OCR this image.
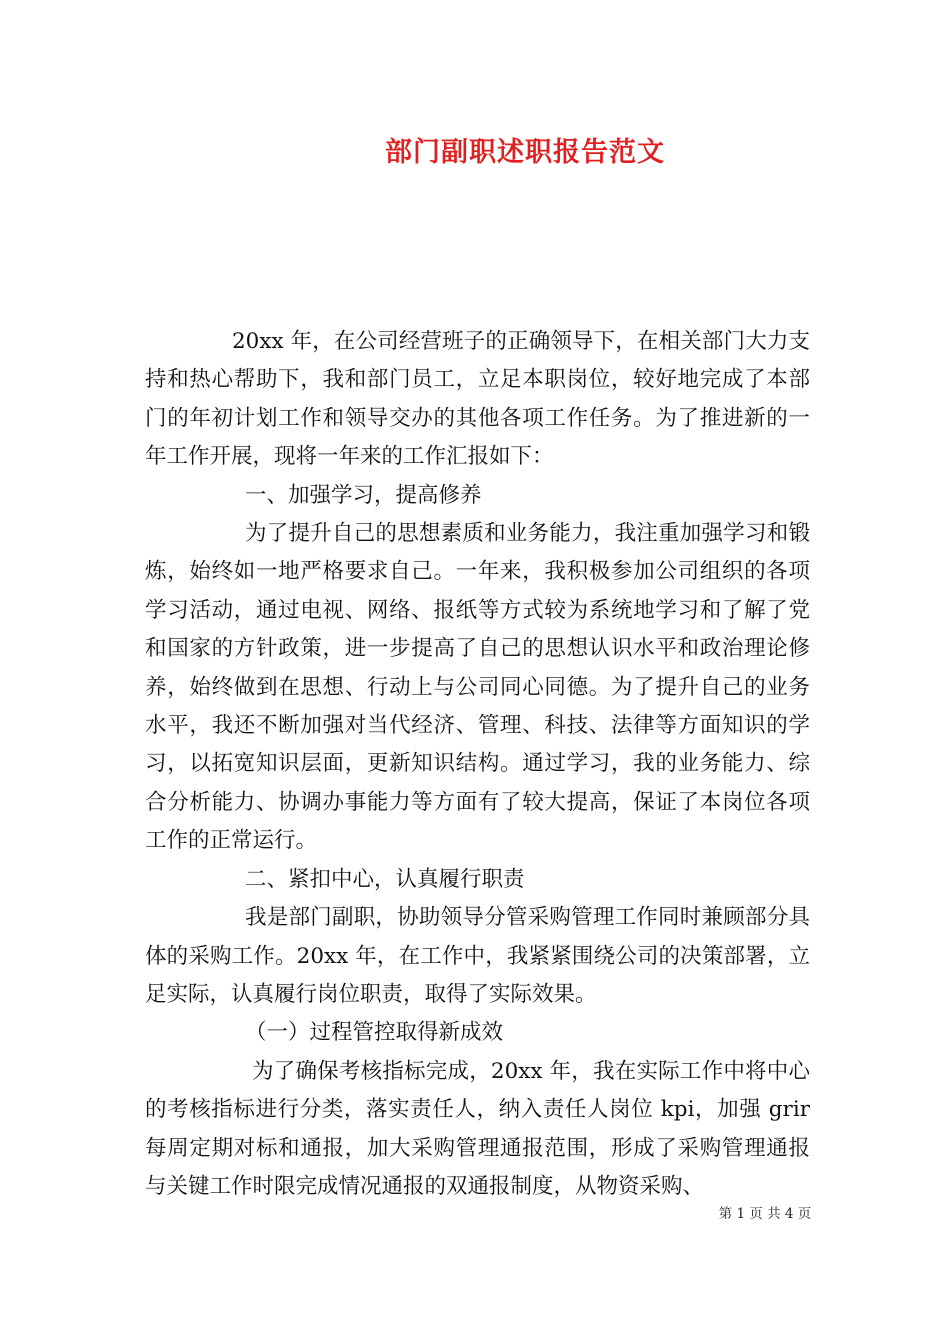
部门副职述职报告范文

20xx 年，在公司经营班子的正确领导下，在相关部门大力支持和热心帮助下，我和部门员工，立足本职岗位，较好地完成了本部门的年初计划工作和领导交办的其他各项工作任务。为了推进新的一年工作开展，现将一年来的工作汇报如下：

一、加强学习，提高修养

为了提升自己的思想素质和业务能力，我注重加强学习和锻炼，始终如一地严格要求自己。一年来，我积极参加公司组织的各项学习活动，通过电视、网络、报纸等方式较为系统地学习和了解了党和国家的方针政策，进一步提高了自己的思想认识水平和政治理论修养，始终做到在思想、行动上与公司同心同德。为了提升自己的业务水平，我还不断加强对当代经济、管理、科技、法律等方面知识的学习，以拓宽知识层面，更新知识结构。通过学习，我的业务能力、综合分析能力、协调办事能力等方面有了较大提高，保证了本岗位各项工作的正常运行。

二、紧扣中心，认真履行职责

我是部门副职，协助领导分管采购管理工作同时兼顾部分具体的采购工作。20xx 年，在工作中，我紧紧围绕公司的决策部署，立足实际，认真履行岗位职责，取得了实际效果。

（一）过程管控取得新成效

为了确保考核指标完成，20xx 年，我在实际工作中将中心的考核指标进行分类，落实责任人，纳入责任人岗位 kpi，加强 grir 每周定期对标和通报，加大采购管理通报范围，形成了采购管理通报与关键工作时限完成情况通报的双通报制度，从物资采购、

第 1 页 共 4 页
